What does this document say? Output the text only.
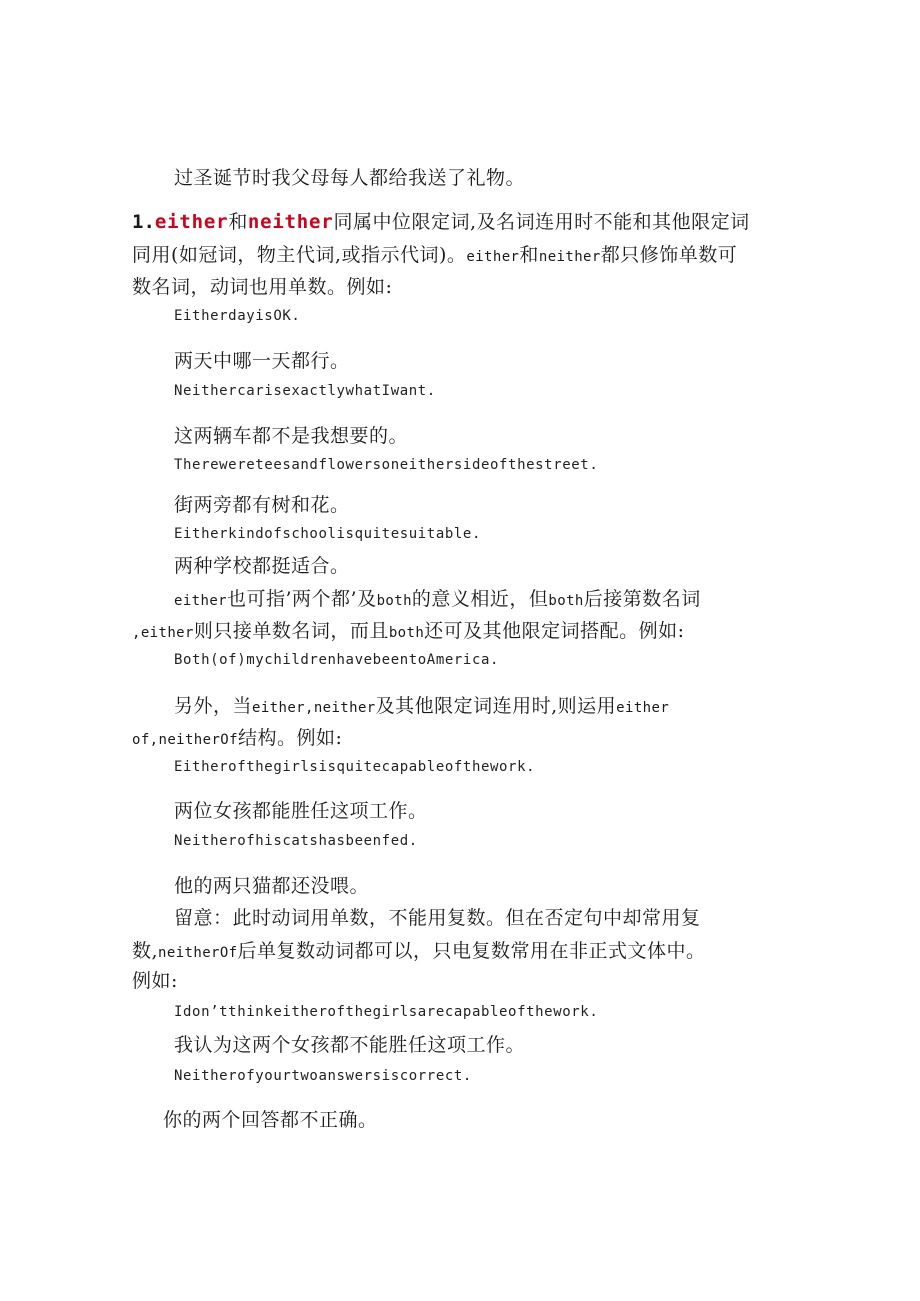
过圣诞节时我父母每人都给我送了礼物。

1.either和neither同属中位限定词,及名词连用时不能和其他限定词

同用(如冠词，物主代词,或指示代词)。either和neither都只修饰单数可

数名词，动词也用单数。例如:

EitherdayisOK.

两天中哪一天都行。

NeithercarisexactlywhatIwant.

这两辆车都不是我想要的。

Therewereteesandflowersoneithersideofthestreet.

街两旁都有树和花。

Eitherkindofschoolisquitesuitable.

两种学校都挺适合。

either也可指’两个都’及both的意义相近，但both后接第数名词

,either则只接单数名词，而且both还可及其他限定词搭配。例如:

Both(of)mychildrenhavebeentoAmerica.

另外，当either,neither及其他限定词连用时,则运用either

of,neitherOf结构。例如:

Eitherofthegirlsisquitecapableofthework.

两位女孩都能胜任这项工作。

Neitherofhiscatshasbeenfed.

他的两只猫都还没喂。

留意：此时动词用单数，不能用复数。但在否定句中却常用复

数,neitherOf后单复数动词都可以，只电复数常用在非正式文体中。

例如:

Idon’tthinkeitherofthegirlsarecapableofthework.

我认为这两个女孩都不能胜任这项工作。

Neitherofyourtwoanswersiscorrect.

你的两个回答都不正确。
